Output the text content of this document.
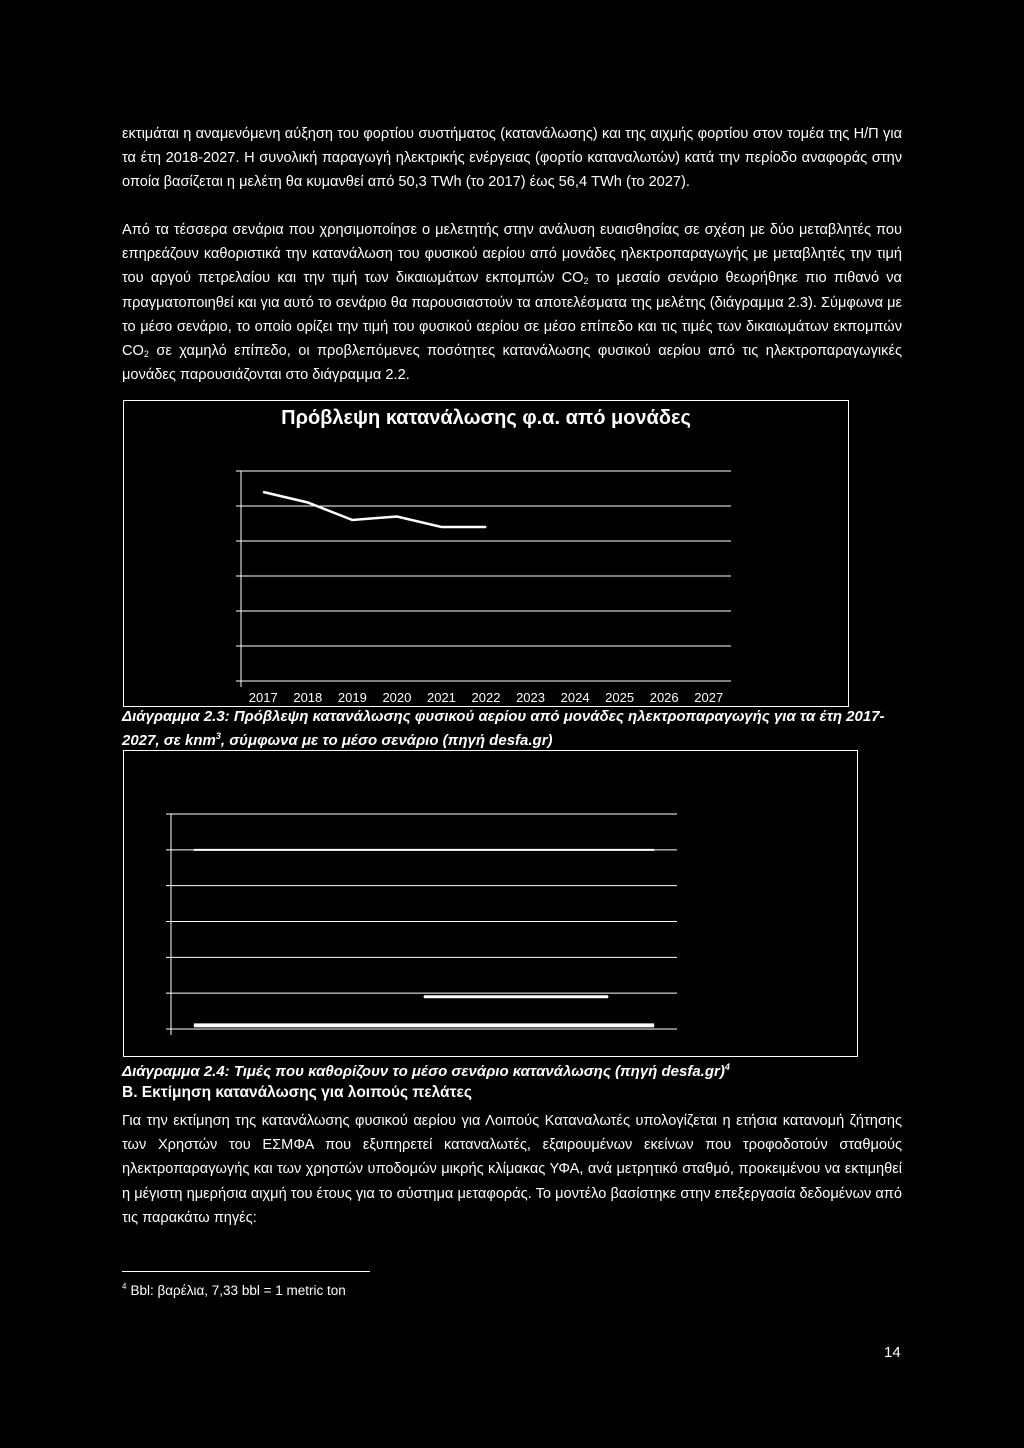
εκτιμάται η αναμενόμενη αύξηση του φορτίου συστήματος (κατανάλωσης) και της αιχμής φορτίου στον τομέα της Η/Π για τα έτη 2018-2027. Η συνολική παραγωγή ηλεκτρικής ενέργειας (φορτίο καταναλωτών) κατά την περίοδο αναφοράς στην οποία βασίζεται η μελέτη θα κυμανθεί από 50,3 TWh (το 2017) έως 56,4 TWh (το 2027).

Από τα τέσσερα σενάρια που χρησιμοποίησε ο μελετητής στην ανάλυση ευαισθησίας σε σχέση με δύο μεταβλητές που επηρεάζουν καθοριστικά την κατανάλωση του φυσικού αερίου από μονάδες ηλεκτροπαραγωγής με μεταβλητές την τιμή του αργού πετρελαίου και την τιμή των δικαιωμάτων εκπομπών $CO_2$ το μεσαίο σενάριο θεωρήθηκε πιο πιθανό να πραγματοποιηθεί και για αυτό το σενάριο θα παρουσιαστούν τα αποτελέσματα της μελέτης (διάγραμμα 2.3). Σύμφωνα με το μέσο σενάριο, το οποίο ορίζει την τιμή του φυσικού αερίου σε μέσο επίπεδο και τις τιμές των δικαιωμάτων εκπομπών $CO_2$ σε χαμηλό επίπεδο, οι προβλεπόμενες ποσότητες κατανάλωσης φυσικού αερίου από τις ηλεκτροπαραγωγικές μονάδες παρουσιάζονται στο διάγραμμα 2.2.

Πρόβλεψη κατανάλωσης φ.α. από μονάδες
2017 2018 2019 2020 2021 2022 2023 2024 2025 2026 2027

Διάγραμμα 2.3: Πρόβλεψη κατανάλωσης φυσικού αερίου από μονάδες ηλεκτροπαραγωγής για τα έτη 2017-2027, σε knm$^3$, σύμφωνα με το μέσο σενάριο (πηγή desfa.gr)

Διάγραμμα 2.4: Τιμές που καθορίζουν το μέσο σενάριο κατανάλωσης (πηγή desfa.gr)$^4$

Β. Εκτίμηση κατανάλωσης για λοιπούς πελάτες

Για την εκτίμηση της κατανάλωσης φυσικού αερίου για Λοιπούς Καταναλωτές υπολογίζεται η ετήσια κατανομή ζήτησης των Χρηστών του ΕΣΜΦΑ που εξυπηρετεί καταναλωτές, εξαιρουμένων εκείνων που τροφοδοτούν σταθμούς ηλεκτροπαραγωγής και των χρηστών υποδομών μικρής κλίμακας ΥΦΑ, ανά μετρητικό σταθμό, προκειμένου να εκτιμηθεί η μέγιστη ημερήσια αιχμή του έτους για το σύστημα μεταφοράς. Το μοντέλο βασίστηκε στην επεξεργασία δεδομένων από τις παρακάτω πηγές:

$^4$ Bbl: βαρέλια, 7,33 bbl = 1 metric ton
14
